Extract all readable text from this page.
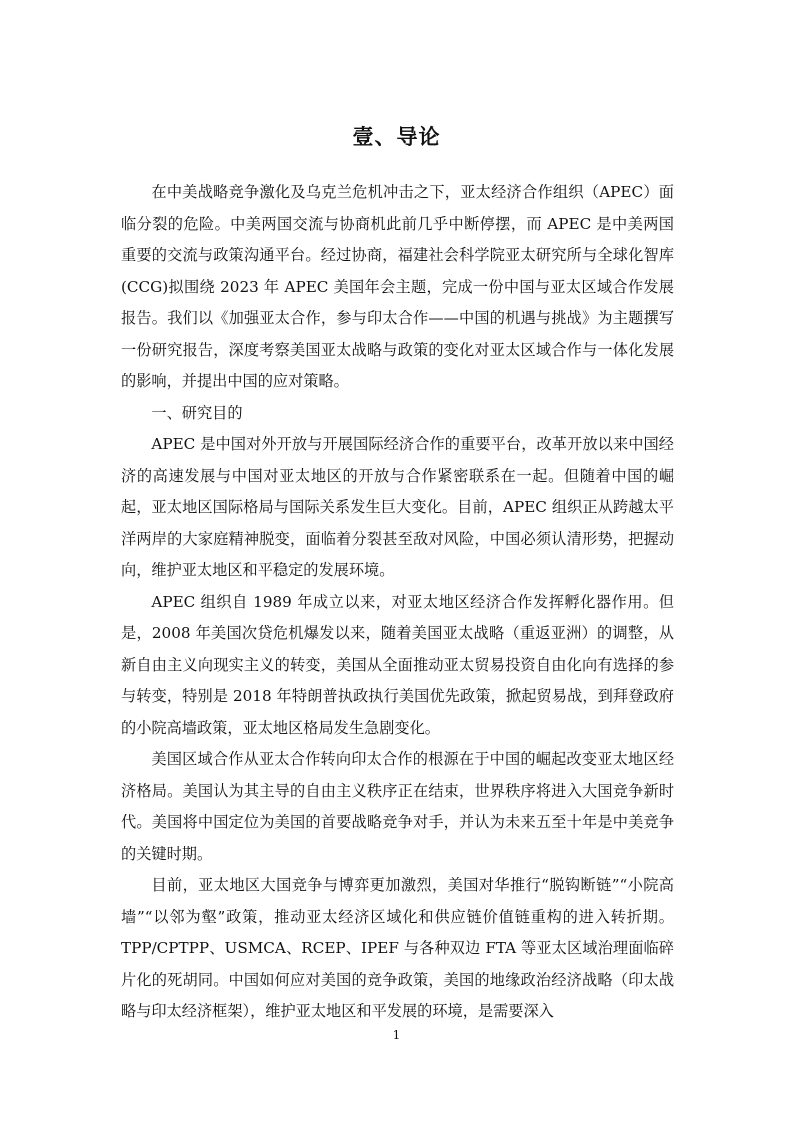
壹、导论

在中美战略竞争激化及乌克兰危机冲击之下，亚太经济合作组织（APEC）面临分裂的危险。中美两国交流与协商机此前几乎中断停摆，而 APEC 是中美两国重要的交流与政策沟通平台。经过协商，福建社会科学院亚太研究所与全球化智库(CCG)拟围绕 2023 年 APEC 美国年会主题，完成一份中国与亚太区域合作发展报告。我们以《加强亚太合作，参与印太合作——中国的机遇与挑战》为主题撰写一份研究报告，深度考察美国亚太战略与政策的变化对亚太区域合作与一体化发展的影响，并提出中国的应对策略。

一、研究目的

APEC 是中国对外开放与开展国际经济合作的重要平台，改革开放以来中国经济的高速发展与中国对亚太地区的开放与合作紧密联系在一起。但随着中国的崛起，亚太地区国际格局与国际关系发生巨大变化。目前，APEC 组织正从跨越太平洋两岸的大家庭精神脱变，面临着分裂甚至敌对风险，中国必须认清形势，把握动向，维护亚太地区和平稳定的发展环境。

APEC 组织自 1989 年成立以来，对亚太地区经济合作发挥孵化器作用。但是，2008 年美国次贷危机爆发以来，随着美国亚太战略（重返亚洲）的调整，从新自由主义向现实主义的转变，美国从全面推动亚太贸易投资自由化向有选择的参与转变，特别是 2018 年特朗普执政执行美国优先政策，掀起贸易战，到拜登政府的小院高墙政策，亚太地区格局发生急剧变化。

美国区域合作从亚太合作转向印太合作的根源在于中国的崛起改变亚太地区经济格局。美国认为其主导的自由主义秩序正在结束，世界秩序将进入大国竞争新时代。美国将中国定位为美国的首要战略竞争对手，并认为未来五至十年是中美竞争的关键时期。

目前，亚太地区大国竞争与博弈更加激烈，美国对华推行“脱钩断链”“小院高墙”“以邻为壑”政策，推动亚太经济区域化和供应链价值链重构的进入转折期。TPP/CPTPP、USMCA、RCEP、IPEF 与各种双边 FTA 等亚太区域治理面临碎片化的死胡同。中国如何应对美国的竞争政策，美国的地缘政治经济战略（印太战略与印太经济框架），维护亚太地区和平发展的环境，是需要深入

1
